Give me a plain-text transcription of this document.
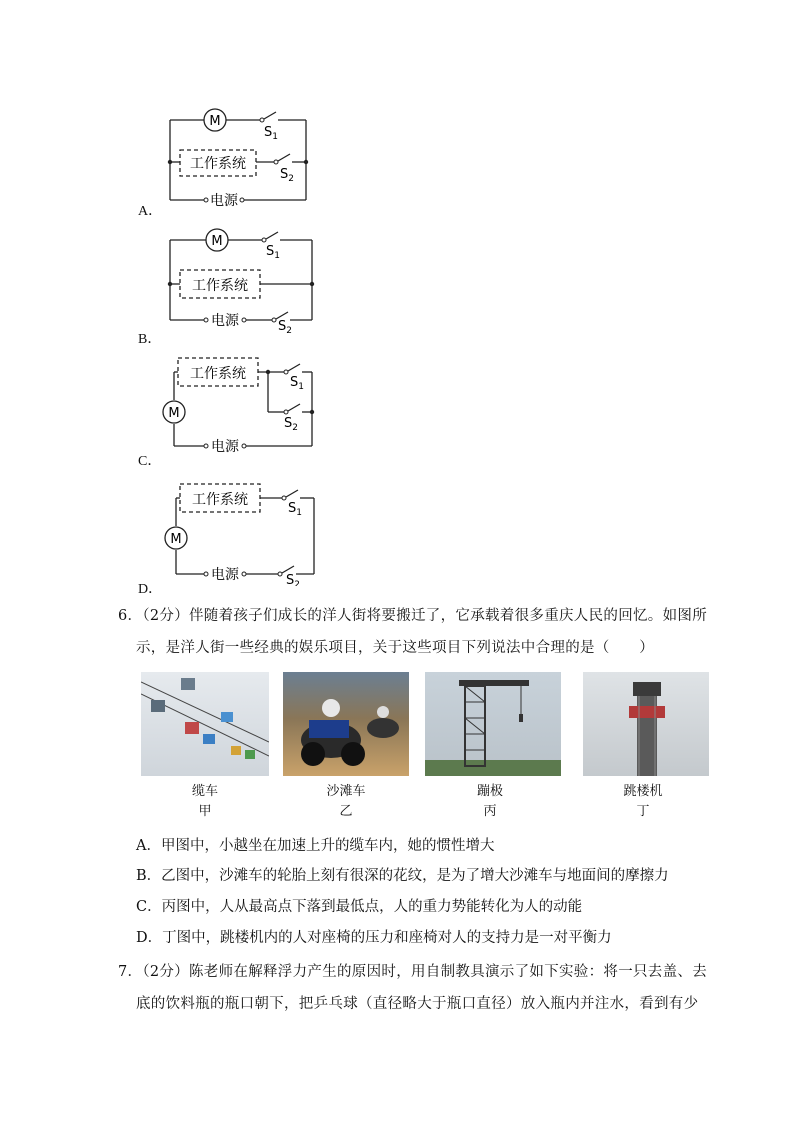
M
$S_1$
$S_2$
工作系统
电源
A．
M
$S_1$
$S_2$
工作系统
电源
B．
M
$S_1$
$S_2$
工作系统
电源
C．
M
$S_1$
$S_2$
工作系统
电源
D．
6．（2分）伴随着孩子们成长的洋人街将要搬迁了，它承载着很多重庆人民的回忆。如图所
示，是洋人街一些经典的娱乐项目，关于这些项目下列说法中合理的是（　　）
缆车
甲
沙滩车
乙
蹦极
丙
跳楼机
丁
A．甲图中，小越坐在加速上升的缆车内，她的惯性增大
B．乙图中，沙滩车的轮胎上刻有很深的花纹，是为了增大沙滩车与地面间的摩擦力
C．丙图中，人从最高点下落到最低点，人的重力势能转化为人的动能
D．丁图中，跳楼机内的人对座椅的压力和座椅对人的支持力是一对平衡力
7．（2分）陈老师在解释浮力产生的原因时，用自制教具演示了如下实验：将一只去盖、去
底的饮料瓶的瓶口朝下，把乒乓球（直径略大于瓶口直径）放入瓶内并注水，看到有少
